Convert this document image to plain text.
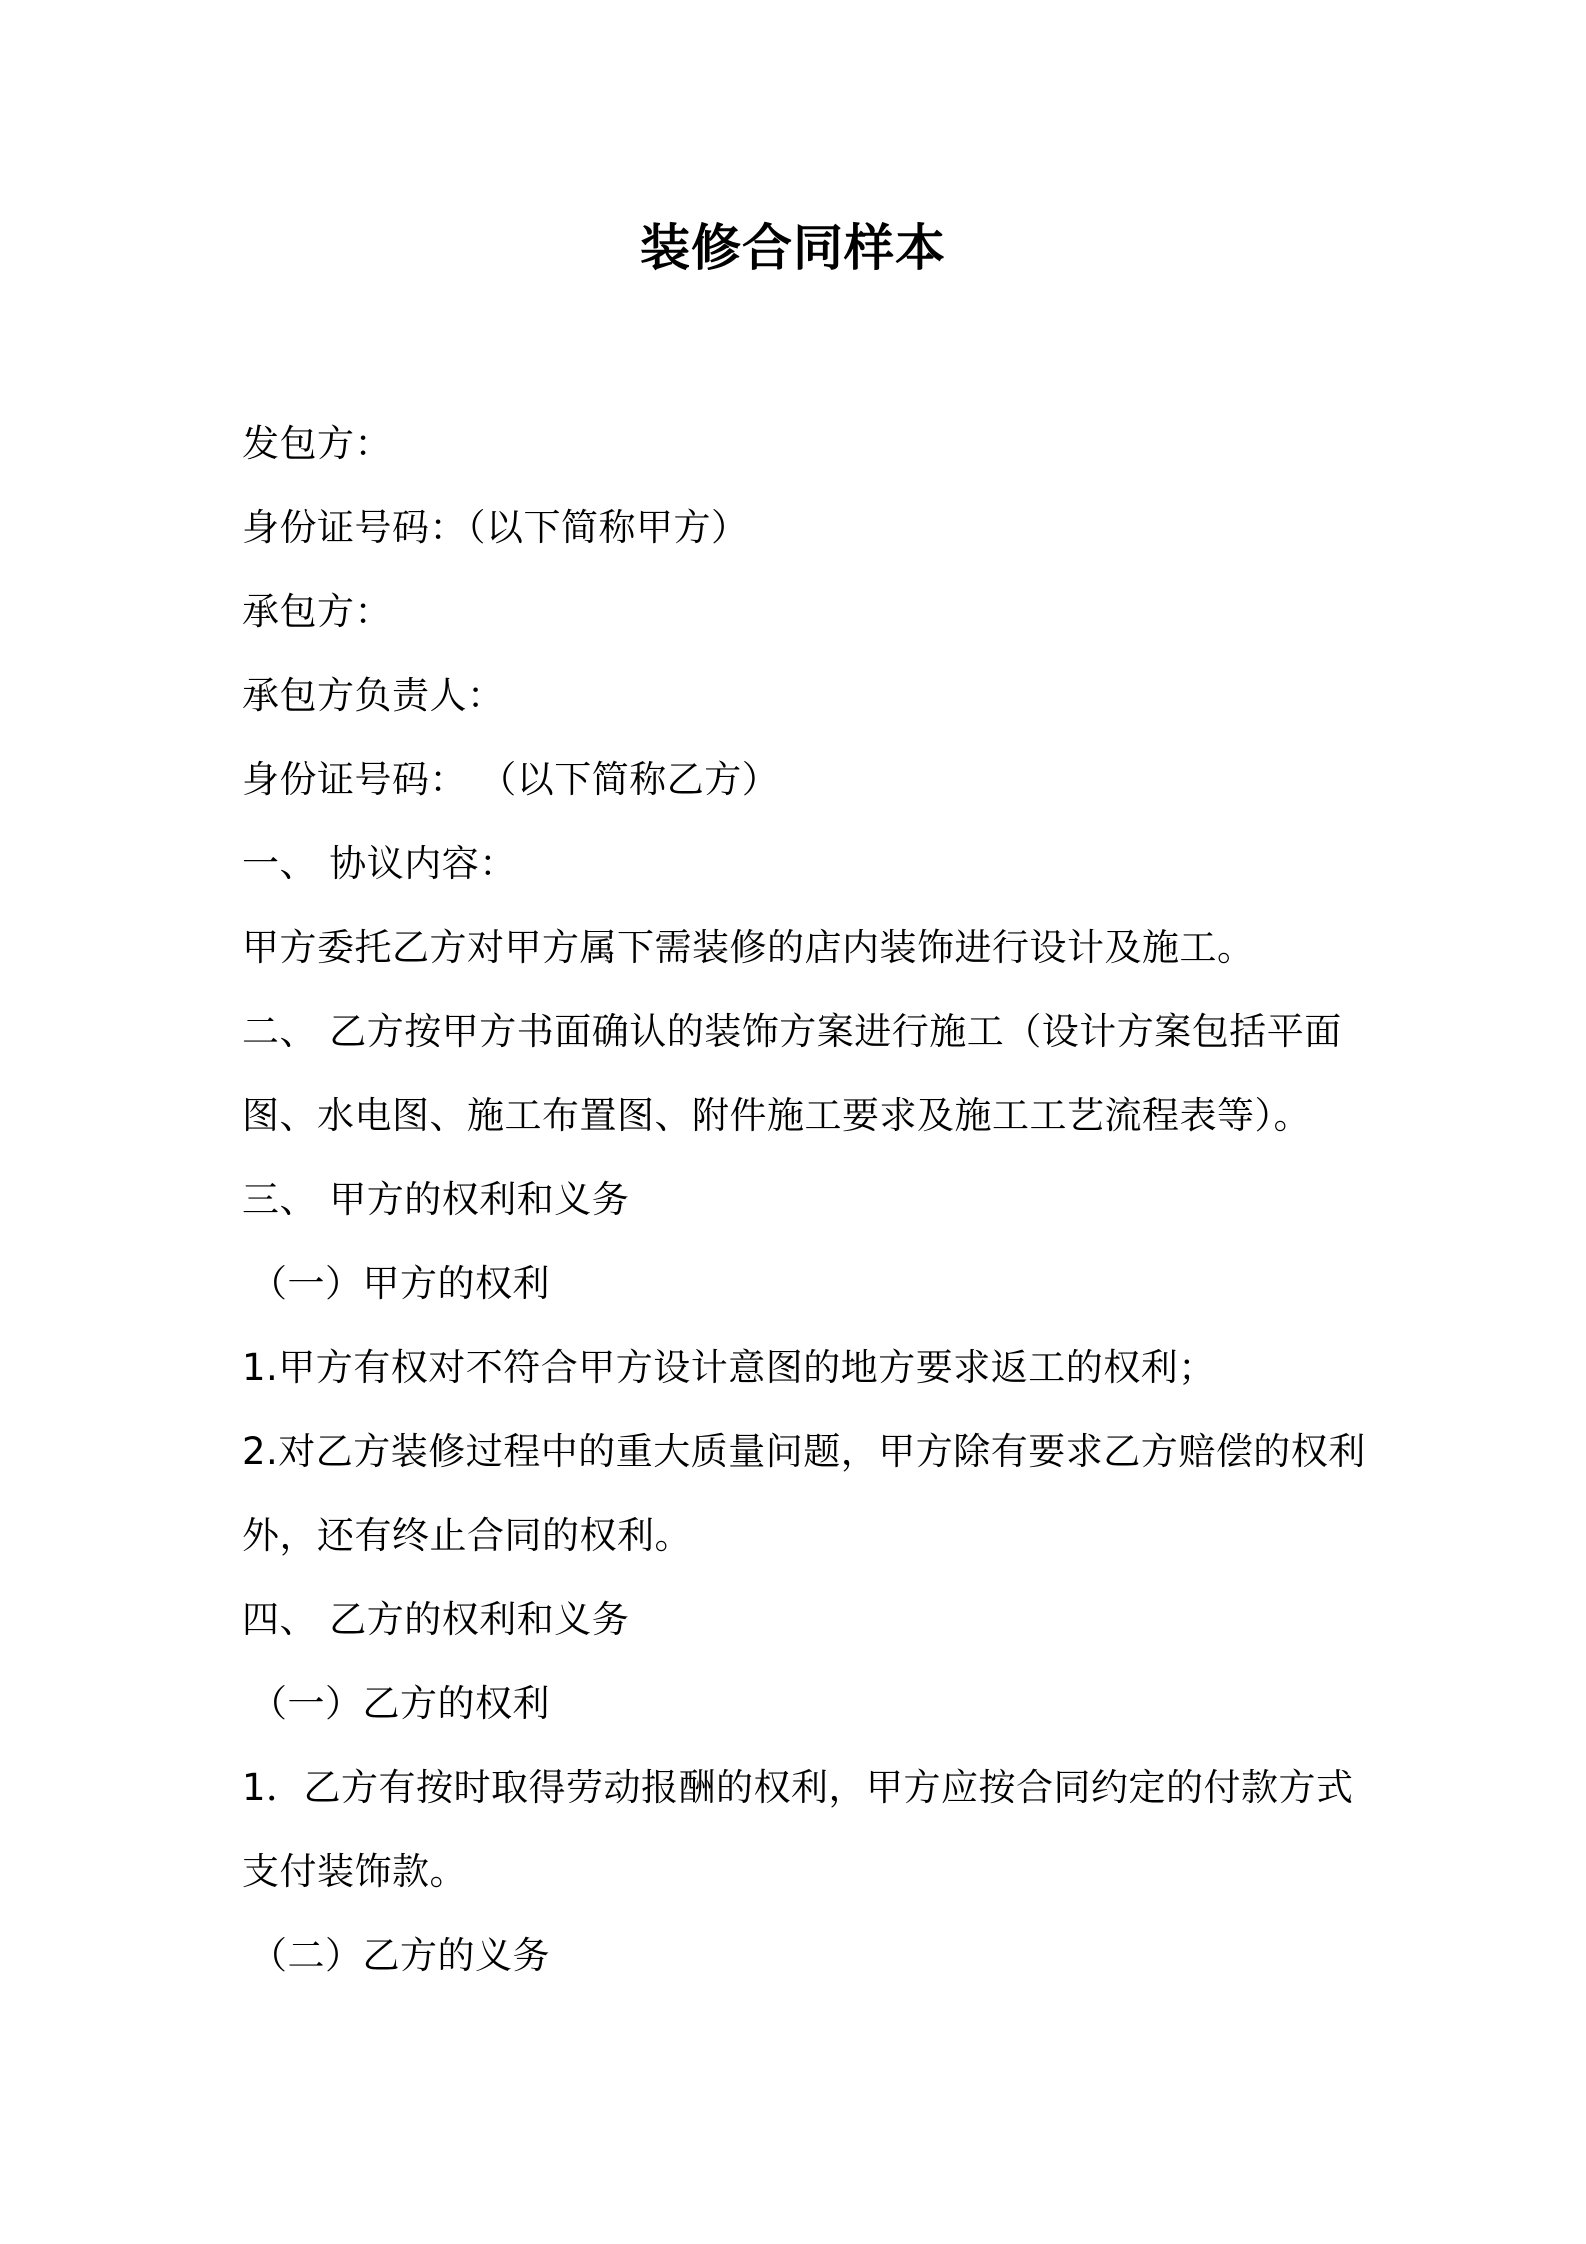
装修合同样本
发包方：
身份证号码：（以下简称甲方）
承包方：
承包方负责人：
身份证号码： （以下简称乙方）
一、 协议内容：
甲方委托乙方对甲方属下需装修的店内装饰进行设计及施工。
二、 乙方按甲方书面确认的装饰方案进行施工（设计方案包括平面
图、水电图、施工布置图、附件施工要求及施工工艺流程表等）。
三、 甲方的权利和义务
（一）甲方的权利
1.甲方有权对不符合甲方设计意图的地方要求返工的权利；
2.对乙方装修过程中的重大质量问题，甲方除有要求乙方赔偿的权利
外，还有终止合同的权利。
四、 乙方的权利和义务
（一）乙方的权利
1．乙方有按时取得劳动报酬的权利，甲方应按合同约定的付款方式
支付装饰款。
（二）乙方的义务
